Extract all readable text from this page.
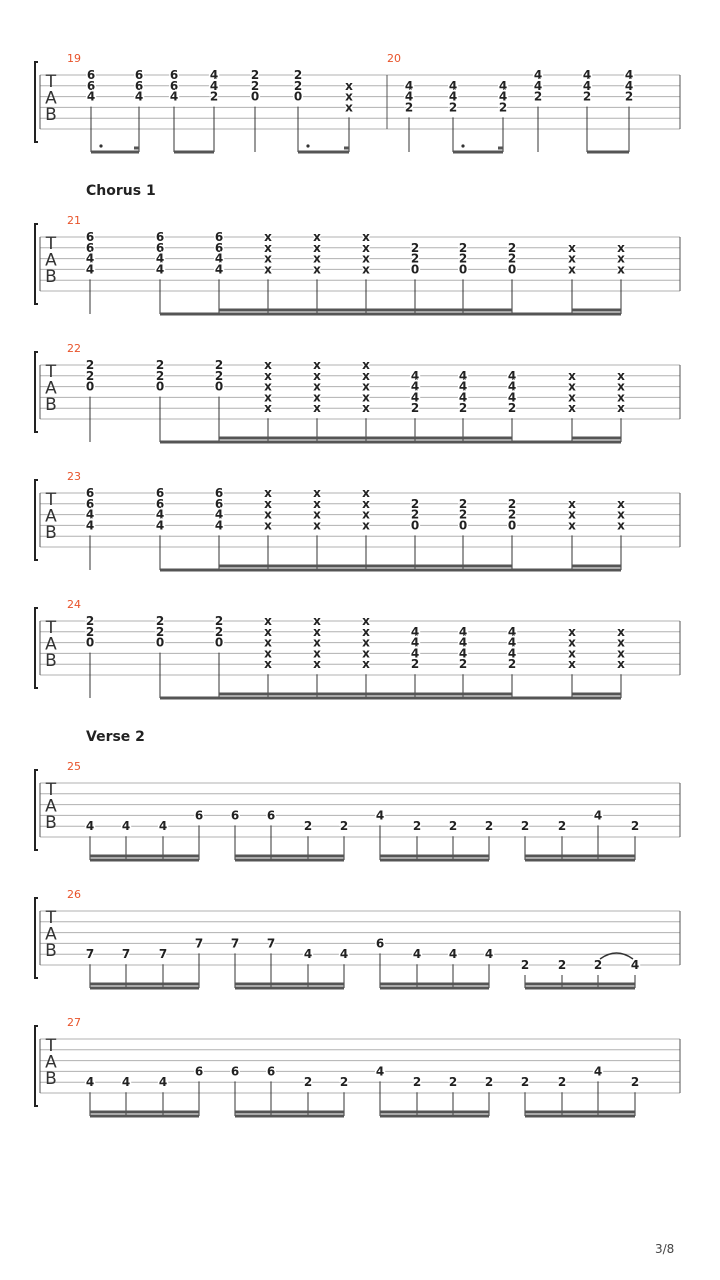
T
A
B
19
6
6
4
6
6
4
6
6
4
4
4
2
2
2
0
2
2
0
x
x
x
20
4
4
2
4
4
2
4
4
2
4
4
2
4
4
2
4
4
2
T
A
B
21
6
6
4
4
6
6
4
4
6
6
4
4
x
x
x
x
x
x
x
x
x
x
x
x
2
2
0
2
2
0
2
2
0
x
x
x
x
x
x
T
A
B
22
2
2
0
2
2
0
2
2
0
x
x
x
x
x
x
x
x
x
x
x
x
x
x
x
4
4
4
2
4
4
4
2
4
4
4
2
x
x
x
x
x
x
x
x
T
A
B
23
6
6
4
4
6
6
4
4
6
6
4
4
x
x
x
x
x
x
x
x
x
x
x
x
2
2
0
2
2
0
2
2
0
x
x
x
x
x
x
T
A
B
24
2
2
0
2
2
0
2
2
0
x
x
x
x
x
x
x
x
x
x
x
x
x
x
x
4
4
4
2
4
4
4
2
4
4
4
2
x
x
x
x
x
x
x
x
T
A
B
25
4 4 4
6 6 6
2 2
4
2 2 2 2 2
4
2
T
A
B
26
7 7 7
7 7 7
4 4
6
4 4 4
2 2 2 4
T
A
B
27
4 4 4
6 6 6
2 2
4
2 2 2 2 2
4
2
Chorus 1
Verse 2
3/8
